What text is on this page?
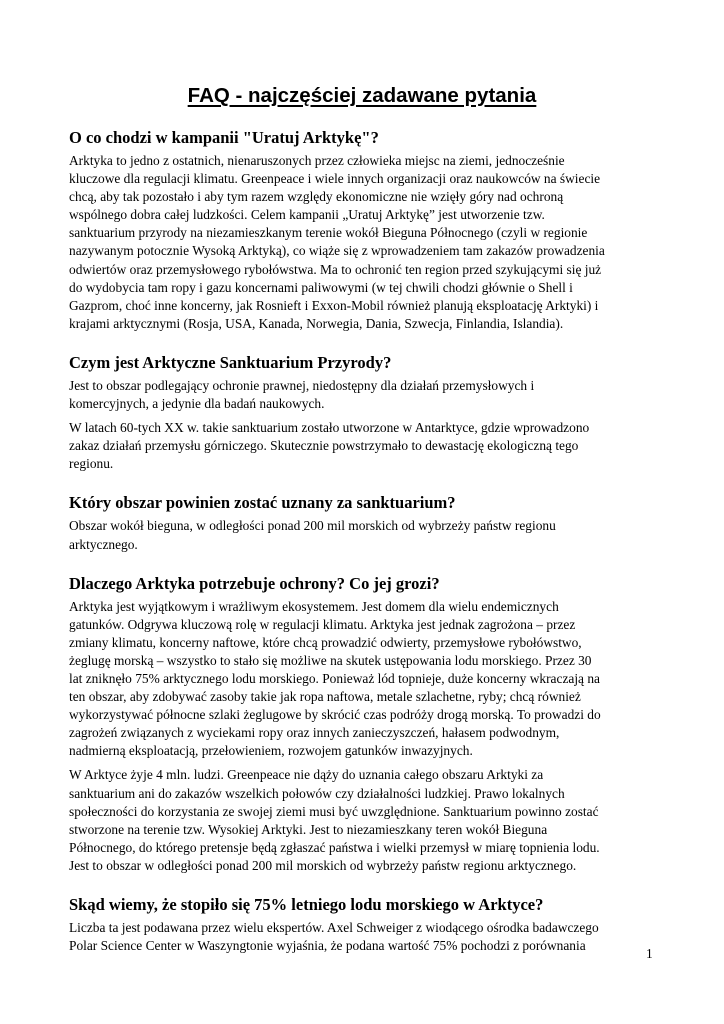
FAQ - najczęściej zadawane pytania
O co chodzi w kampanii "Uratuj Arktykę"?

Arktyka to jedno z ostatnich, nienaruszonych przez człowieka miejsc na ziemi, jednocześnie
kluczowe dla regulacji klimatu. Greenpeace i wiele innych organizacji oraz naukowców na świecie
chcą, aby tak pozostało i aby tym razem względy ekonomiczne nie wzięły góry nad ochroną
wspólnego dobra całej ludzkości. Celem kampanii „Uratuj Arktykę” jest utworzenie tzw.
sanktuarium przyrody na niezamieszkanym terenie wokół Bieguna Północnego (czyli w regionie
nazywanym potocznie Wysoką Arktyką), co wiąże się z wprowadzeniem tam zakazów prowadzenia
odwiertów oraz przemysłowego rybołówstwa. Ma to ochronić ten region przed szykującymi się już
do wydobycia tam ropy i gazu koncernami paliwowymi (w tej chwili chodzi głównie o Shell i
Gazprom, choć inne koncerny, jak Rosnieft i Exxon-Mobil również planują eksploatację Arktyki) i
krajami arktycznymi (Rosja, USA, Kanada, Norwegia, Dania, Szwecja, Finlandia, Islandia).

Czym jest Arktyczne Sanktuarium Przyrody?

Jest to obszar podlegający ochronie prawnej, niedostępny dla działań przemysłowych i
komercyjnych, a jedynie dla badań naukowych.

W latach 60-tych XX w. takie sanktuarium zostało utworzone w Antarktyce, gdzie wprowadzono
zakaz działań przemysłu górniczego. Skutecznie powstrzymało to dewastację ekologiczną tego
regionu.

Który obszar powinien zostać uznany za sanktuarium?

Obszar wokół bieguna, w odległości ponad 200 mil morskich od wybrzeży państw regionu
arktycznego.

Dlaczego Arktyka potrzebuje ochrony? Co jej grozi?

Arktyka jest wyjątkowym i wrażliwym ekosystemem. Jest domem dla wielu endemicznych
gatunków. Odgrywa kluczową rolę w regulacji klimatu. Arktyka jest jednak zagrożona – przez
zmiany klimatu, koncerny naftowe, które chcą prowadzić odwierty, przemysłowe rybołówstwo,
żeglugę morską – wszystko to stało się możliwe na skutek ustępowania lodu morskiego. Przez 30
lat zniknęło 75% arktycznego lodu morskiego. Ponieważ lód topnieje, duże koncerny wkraczają na
ten obszar, aby zdobywać zasoby takie jak ropa naftowa, metale szlachetne, ryby; chcą również
wykorzystywać północne szlaki żeglugowe by skrócić czas podróży drogą morską. To prowadzi do
zagrożeń związanych z wyciekami ropy oraz innych zanieczyszczeń, hałasem podwodnym,
nadmierną eksploatacją, przełowieniem, rozwojem gatunków inwazyjnych.

W Arktyce żyje 4 mln. ludzi. Greenpeace nie dąży do uznania całego obszaru Arktyki za
sanktuarium ani do zakazów wszelkich połowów czy działalności ludzkiej. Prawo lokalnych
społeczności do korzystania ze swojej ziemi musi być uwzględnione. Sanktuarium powinno zostać
stworzone na terenie tzw. Wysokiej Arktyki. Jest to niezamieszkany teren wokół Bieguna
Północnego, do którego pretensje będą zgłaszać państwa i wielki przemysł w miarę topnienia lodu.
Jest to obszar w odległości ponad 200 mil morskich od wybrzeży państw regionu arktycznego.

Skąd wiemy, że stopiło się 75% letniego lodu morskiego w Arktyce?

Liczba ta jest podawana przez wielu ekspertów. Axel Schweiger z wiodącego ośrodka badawczego
Polar Science Center w Waszyngtonie wyjaśnia, że podana wartość 75% pochodzi z porównania

1
